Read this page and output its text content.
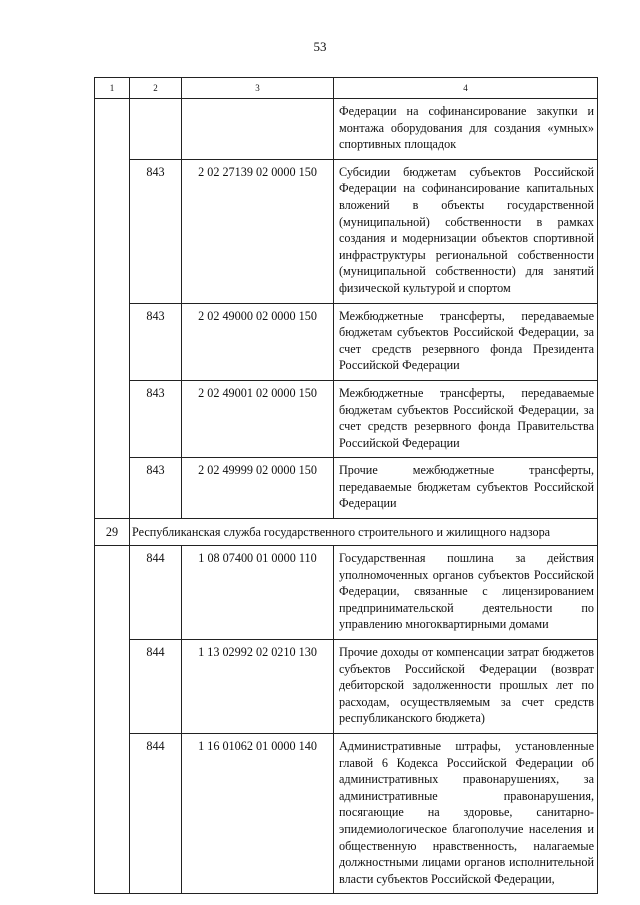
53
1	2	3	4
			Федерации на софинансирование закупки и монтажа оборудования для создания «умных» спортивных площадок
	843	2 02 27139 02 0000 150	Субсидии бюджетам субъектов Российской Федерации на софинансирование капитальных вложений в объекты государственной (муниципальной) собственности в рамках создания и модернизации объектов спортивной инфраструктуры региональной собственности (муниципальной собственности) для занятий физической культурой и спортом
	843	2 02 49000 02 0000 150	Межбюджетные трансферты, передаваемые бюджетам субъектов Российской Федерации, за счет средств резервного фонда Президента Российской Федерации
	843	2 02 49001 02 0000 150	Межбюджетные трансферты, передаваемые бюджетам субъектов Российской Федерации, за счет средств резервного фонда Правительства Российской Федерации
	843	2 02 49999 02 0000 150	Прочие межбюджетные трансферты, передаваемые бюджетам субъектов Российской Федерации
29	Республиканская служба государственного строительного и жилищного надзора		
	844	1 08 07400 01 0000 110	Государственная пошлина за действия уполномоченных органов субъектов Российской Федерации, связанные с лицензированием предпринимательской деятельности по управлению многоквартирными домами
	844	1 13 02992 02 0210 130	Прочие доходы от компенсации затрат бюджетов субъектов Российской Федерации (возврат дебиторской задолженности прошлых лет по расходам, осуществляемым за счет средств республиканского бюджета)
	844	1 16 01062 01 0000 140	Административные штрафы, установленные главой 6 Кодекса Российской Федерации об административных правонарушениях, за административные правонарушения, посягающие на здоровье, санитарно-эпидемиологическое благополучие населения и общественную нравственность, налагаемые должностными лицами органов исполнительной власти субъектов Российской Федерации,
